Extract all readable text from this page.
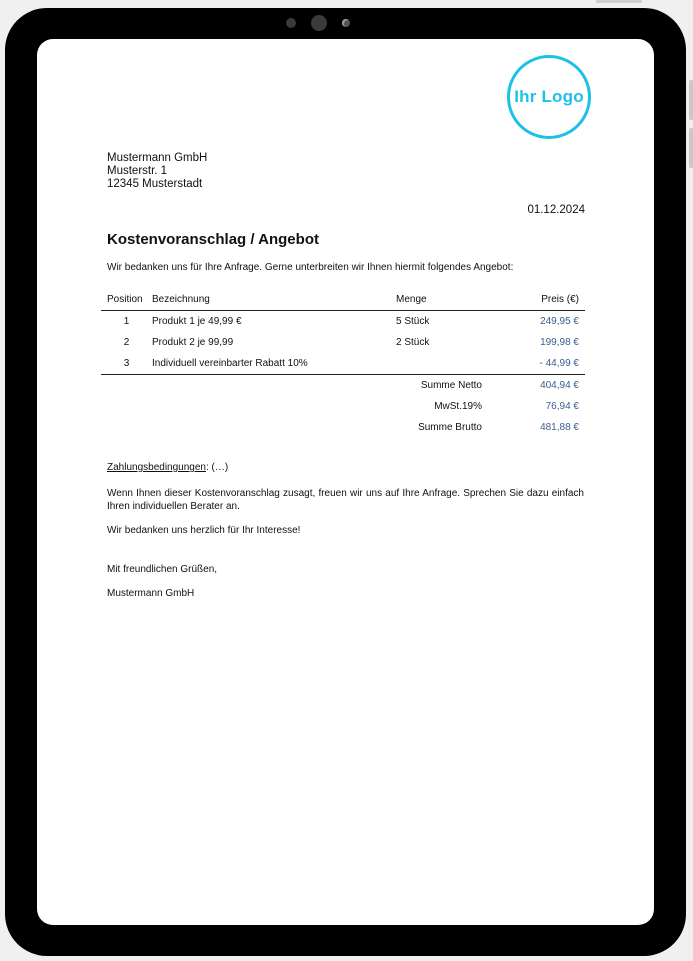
Ihr Logo
Mustermann GmbH
Musterstr. 1
12345 Musterstadt
01.12.2024
Kostenvoranschlag / Angebot
Wir bedanken uns für Ihre Anfrage. Gerne unterbreiten wir Ihnen hiermit folgendes Angebot:
Position	Bezeichnung	Menge	Preis (€)
1	Produkt 1 je 49,99 €	5 Stück	249,95 €
2	Produkt 2 je 99,99	2 Stück	199,98 €
3	Individuell vereinbarter Rabatt 10%		- 44,99 €
Summe Netto			404,94 €
MwSt.19%			76,94 €
Summe Brutto			481,88 €
Zahlungsbedingungen: (…)
Wenn Ihnen dieser Kostenvoranschlag zusagt, freuen wir uns auf Ihre Anfrage. Sprechen Sie dazu einfach Ihren individuellen Berater an.
Wir bedanken uns herzlich für Ihr Interesse!
Mit freundlichen Grüßen,
Mustermann GmbH
